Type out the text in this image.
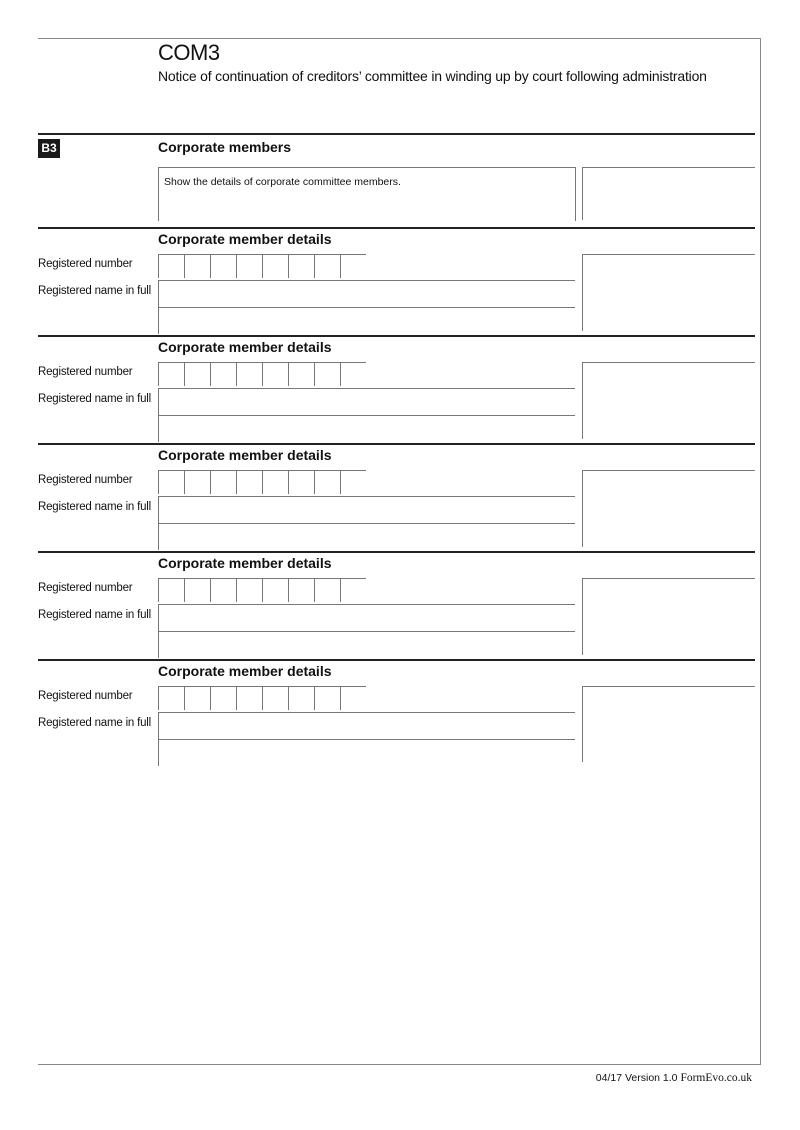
COM3
Notice of continuation of creditors’ committee in winding up by court following administration
B3	Corporate members
Show the details of corporate committee members.
Corporate member details
Registered number
Registered name in full
Corporate member details
Registered number
Registered name in full
Corporate member details
Registered number
Registered name in full
Corporate member details
Registered number
Registered name in full
Corporate member details
Registered number
Registered name in full
04/17 Version 1.0 FormEvo.co.uk
